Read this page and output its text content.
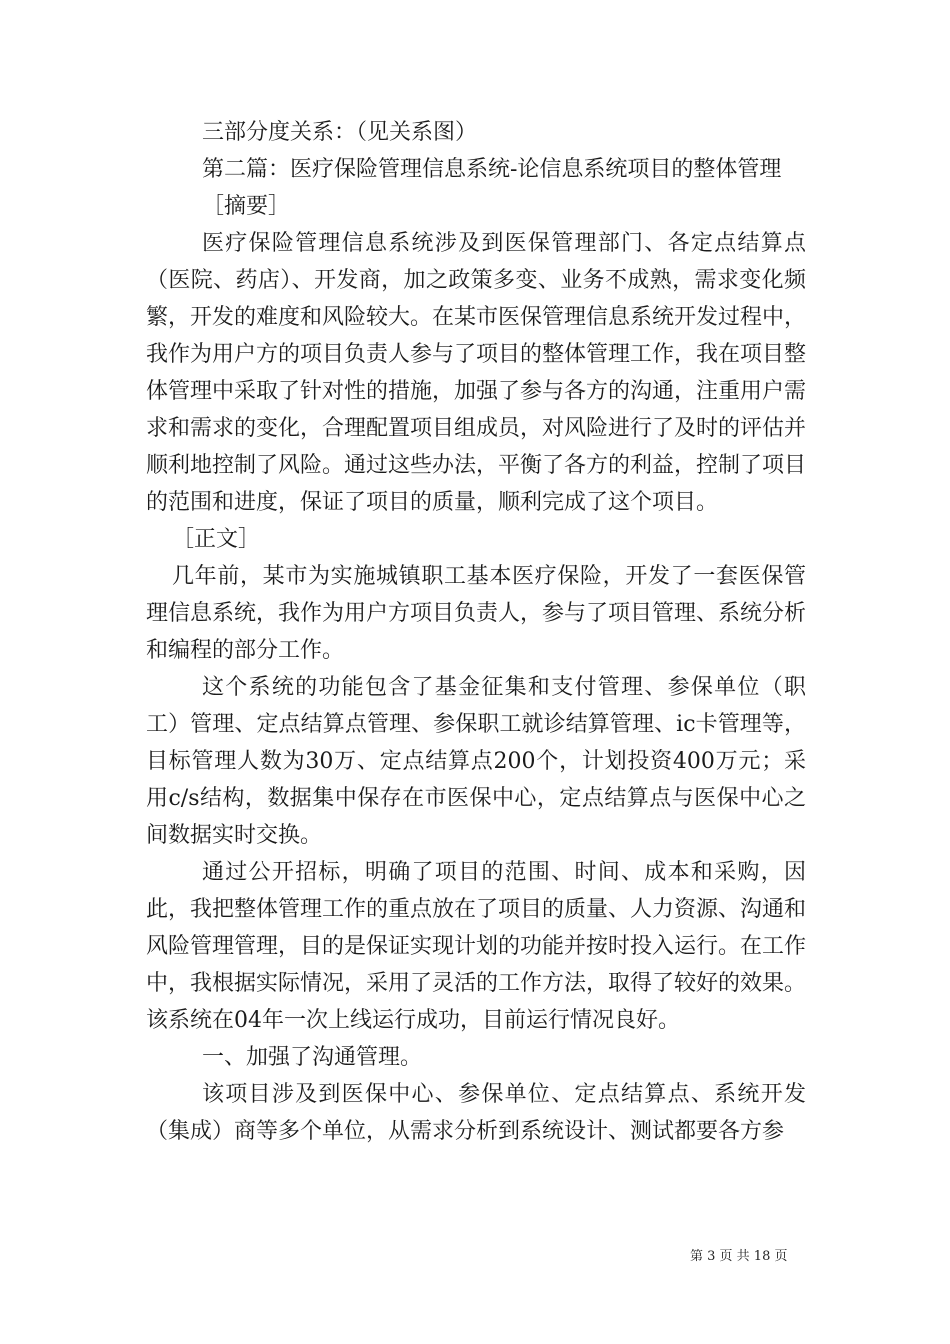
三部分度关系：（见关系图）
第二篇：医疗保险管理信息系统-论信息系统项目的整体管理
［摘要］
医疗保险管理信息系统涉及到医保管理部门、各定点结算点（医院、药店）、开发商，加之政策多变、业务不成熟，需求变化频繁，开发的难度和风险较大。在某市医保管理信息系统开发过程中，我作为用户方的项目负责人参与了项目的整体管理工作，我在项目整体管理中采取了针对性的措施，加强了参与各方的沟通，注重用户需求和需求的变化，合理配置项目组成员，对风险进行了及时的评估并顺利地控制了风险。通过这些办法，平衡了各方的利益，控制了项目的范围和进度，保证了项目的质量，顺利完成了这个项目。
［正文］
几年前，某市为实施城镇职工基本医疗保险，开发了一套医保管理信息系统，我作为用户方项目负责人，参与了项目管理、系统分析和编程的部分工作。
这个系统的功能包含了基金征集和支付管理、参保单位（职工）管理、定点结算点管理、参保职工就诊结算管理、ic卡管理等，目标管理人数为30万、定点结算点200个，计划投资400万元；采用c/s结构，数据集中保存在市医保中心，定点结算点与医保中心之间数据实时交换。
通过公开招标，明确了项目的范围、时间、成本和采购，因此，我把整体管理工作的重点放在了项目的质量、人力资源、沟通和风险管理管理，目的是保证实现计划的功能并按时投入运行。在工作中，我根据实际情况，采用了灵活的工作方法，取得了较好的效果。该系统在04年一次上线运行成功，目前运行情况良好。
一、加强了沟通管理。
该项目涉及到医保中心、参保单位、定点结算点、系统开发（集成）商等多个单位，从需求分析到系统设计、测试都要各方参
第 3 页 共 18 页
